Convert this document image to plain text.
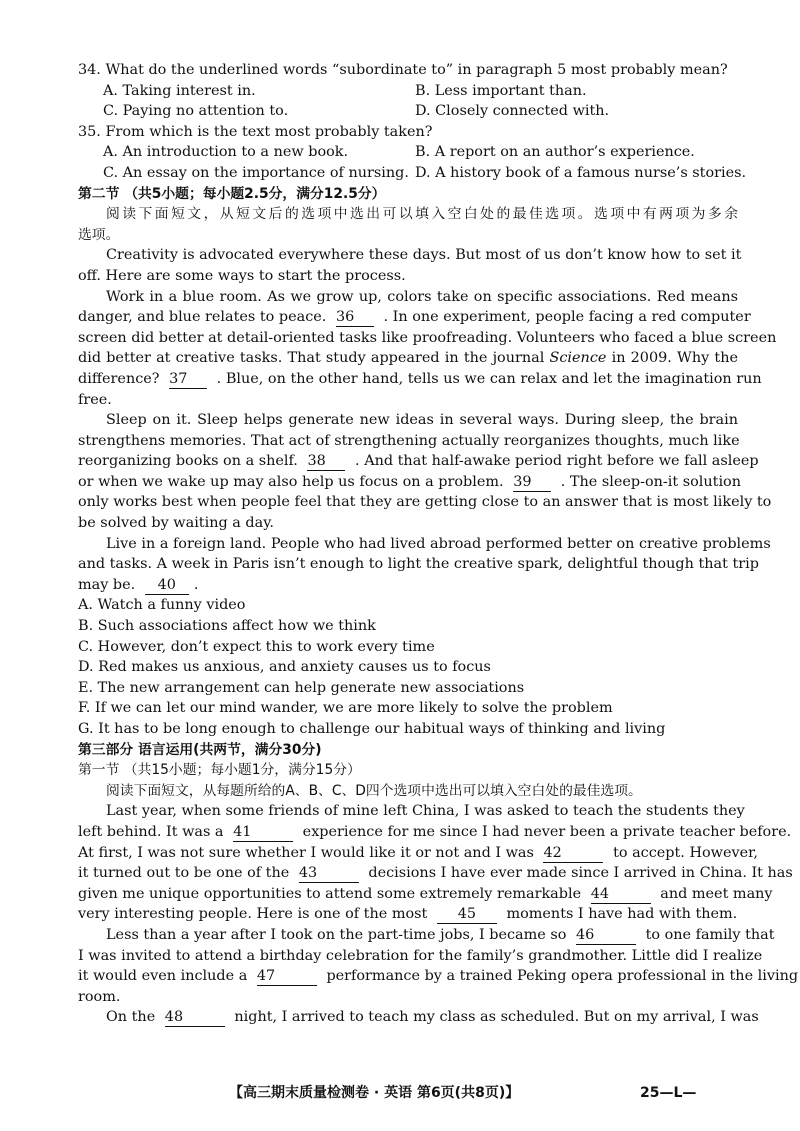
34. What do the underlined words “subordinate to” in paragraph 5 most probably mean?
A. Taking interest in.	B. Less important than.
C. Paying no attention to.	D. Closely connected with.
35. From which is the text most probably taken?
A. An introduction to a new book.	B. A report on an author’s experience.
C. An essay on the importance of nursing. D. A history book of a famous nurse’s stories.
第二节 （共5小题；每小题2.5分，满分12.5分）
阅读下面短文，从短文后的选项中选出可以填入空白处的最佳选项。选项中有两项为多余
选项。
Creativity is advocated everywhere these days. But most of us don’t know how to set it
off. Here are some ways to start the process.
Work in a blue room. As we grow up, colors take on specific associations. Red means
danger, and blue relates to peace. 36 . In one experiment, people facing a red computer
screen did better at detail-oriented tasks like proofreading. Volunteers who faced a blue screen
did better at creative tasks. That study appeared in the journal Science in 2009. Why the
difference? 37 . Blue, on the other hand, tells us we can relax and let the imagination run
free.
Sleep on it. Sleep helps generate new ideas in several ways. During sleep, the brain
strengthens memories. That act of strengthening actually reorganizes thoughts, much like
reorganizing books on a shelf. 38 . And that half-awake period right before we fall asleep
or when we wake up may also help us focus on a problem. 39 . The sleep-on-it solution
only works best when people feel that they are getting close to an answer that is most likely to
be solved by waiting a day.
Live in a foreign land. People who had lived abroad performed better on creative problems
and tasks. A week in Paris isn’t enough to light the creative spark, delightful though that trip
may be. 40 .
A. Watch a funny video
B. Such associations affect how we think
C. However, don’t expect this to work every time
D. Red makes us anxious, and anxiety causes us to focus
E. The new arrangement can help generate new associations
F. If we can let our mind wander, we are more likely to solve the problem
G. It has to be long enough to challenge our habitual ways of thinking and living
第三部分 语言运用(共两节，满分30分)
第一节 （共15小题；每小题1分，满分15分）
阅读下面短文，从每题所给的A、B、C、D四个选项中选出可以填入空白处的最佳选项。
Last year, when some friends of mine left China, I was asked to teach the students they
left behind. It was a 41	experience for me since I had never been a private teacher before.
At first, I was not sure whether I would like it or not and I was 42	to accept. However,
it turned out to be one of the 43	decisions I have ever made since I arrived in China. It has
given me unique opportunities to attend some extremely remarkable 44	and meet many
very interesting people. Here is one of the most 45 moments I have had with them.
Less than a year after I took on the part-time jobs, I became so 46	to one family that
I was invited to attend a birthday celebration for the family’s grandmother. Little did I realize
it would even include a 47	performance by a trained Peking opera professional in the living
room.
On the 48	night, I arrived to teach my class as scheduled. But on my arrival, I was
【高三期末质量检测卷 · 英语 第6页(共8页)】	25—L—
